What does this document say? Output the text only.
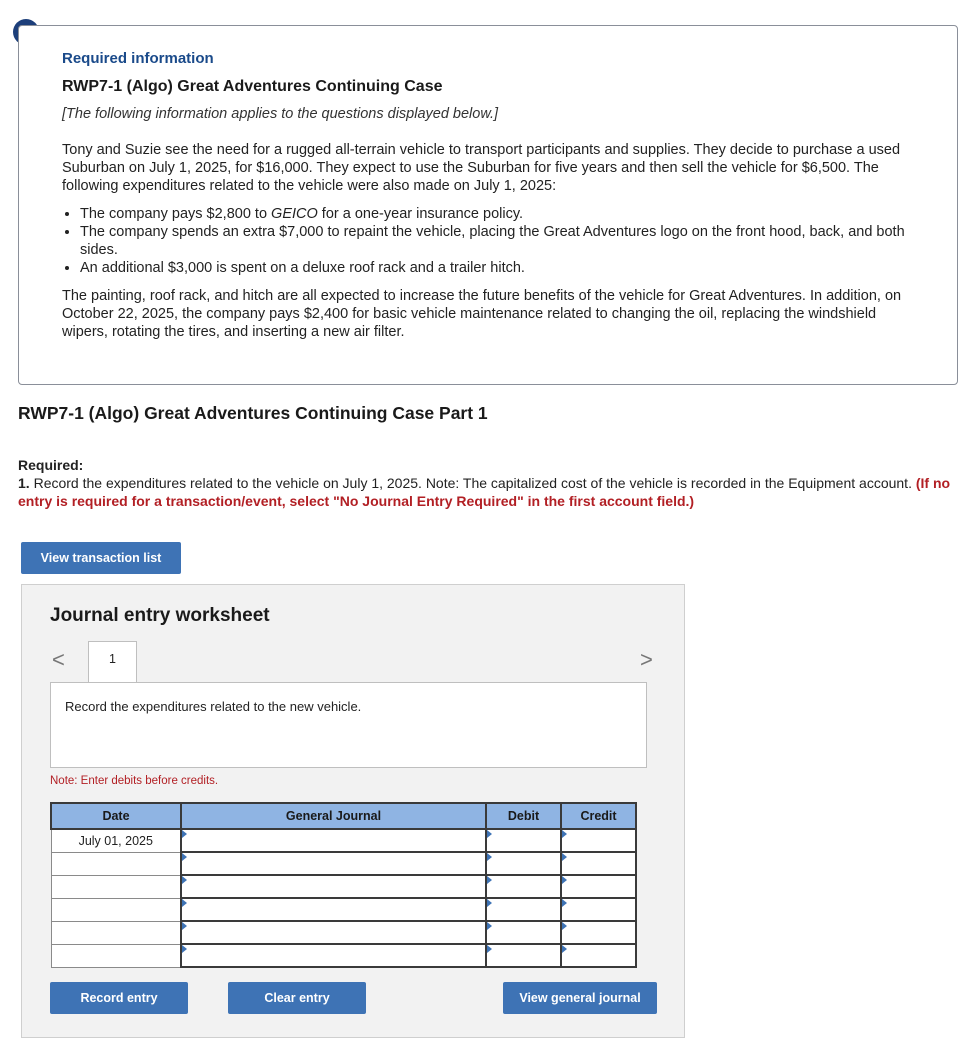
Required information

RWP7-1 (Algo) Great Adventures Continuing Case

[The following information applies to the questions displayed below.]

Tony and Suzie see the need for a rugged all-terrain vehicle to transport participants and supplies. They decide to purchase a used Suburban on July 1, 2025, for $16,000. They expect to use the Suburban for five years and then sell the vehicle for $6,500. The following expenditures related to the vehicle were also made on July 1, 2025:

• The company pays $2,800 to GEICO for a one-year insurance policy.
• The company spends an extra $7,000 to repaint the vehicle, placing the Great Adventures logo on the front hood, back, and both sides.
• An additional $3,000 is spent on a deluxe roof rack and a trailer hitch.

The painting, roof rack, and hitch are all expected to increase the future benefits of the vehicle for Great Adventures. In addition, on October 22, 2025, the company pays $2,400 for basic vehicle maintenance related to changing the oil, replacing the windshield wipers, rotating the tires, and inserting a new air filter.

RWP7-1 (Algo) Great Adventures Continuing Case Part 1
Required:
1. Record the expenditures related to the vehicle on July 1, 2025. Note: The capitalized cost of the vehicle is recorded in the Equipment account. (If no entry is required for a transaction/event, select "No Journal Entry Required" in the first account field.)
View transaction list
Journal entry worksheet
<	1	>
Record the expenditures related to the new vehicle.
Note: Enter debits before credits.
Date	General Journal	Debit	Credit
July 01, 2025			

Record entry	Clear entry	View general journal
